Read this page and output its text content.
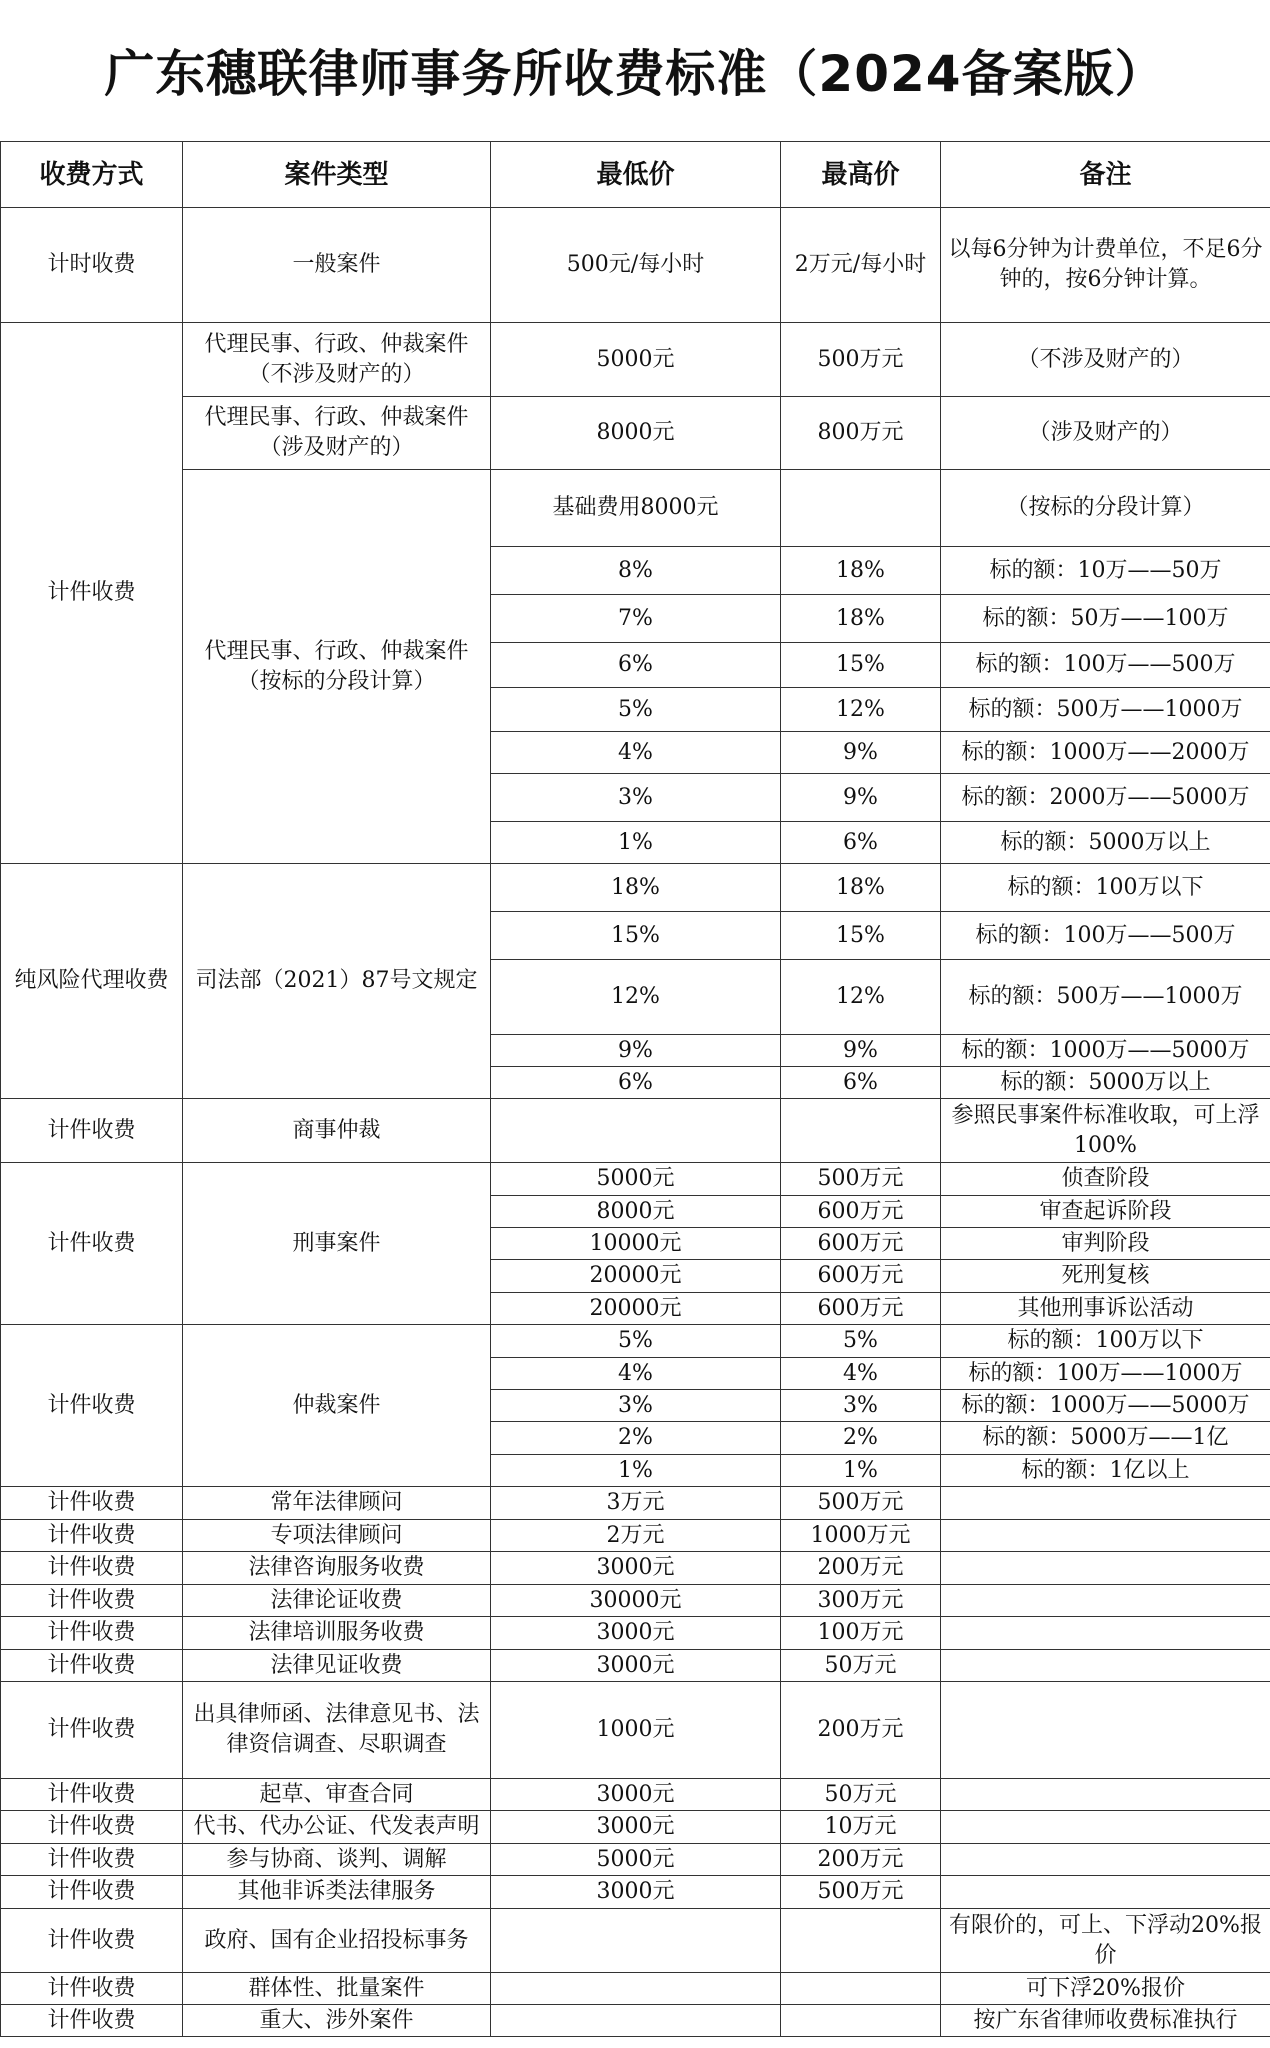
广东穗联律师事务所收费标准（2024备案版）
收费方式	案件类型	最低价	最高价	备注
计时收费	一般案件	500元/每小时	2万元/每小时	以每6分钟为计费单位，不足6分钟的，按6分钟计算。
计件收费	代理民事、行政、仲裁案件（不涉及财产的）	5000元	500万元	（不涉及财产的）
	代理民事、行政、仲裁案件（涉及财产的）	8000元	800万元	（涉及财产的）
	代理民事、行政、仲裁案件（按标的分段计算）	基础费用8000元		（按标的分段计算）
		8%	18%	标的额：10万——50万
		7%	18%	标的额：50万——100万
		6%	15%	标的额：100万——500万
		5%	12%	标的额：500万——1000万
		4%	9%	标的额：1000万——2000万
		3%	9%	标的额：2000万——5000万
		1%	6%	标的额：5000万以上
纯风险代理收费	司法部（2021）87号文规定	18%	18%	标的额：100万以下
		15%	15%	标的额：100万——500万
		12%	12%	标的额：500万——1000万
		9%	9%	标的额：1000万——5000万
		6%	6%	标的额：5000万以上
计件收费	商事仲裁			参照民事案件标准收取，可上浮100%
计件收费	刑事案件	5000元	500万元	侦查阶段
		8000元	600万元	审查起诉阶段
		10000元	600万元	审判阶段
		20000元	600万元	死刑复核
		20000元	600万元	其他刑事诉讼活动
计件收费	仲裁案件	5%	5%	标的额：100万以下
		4%	4%	标的额：100万——1000万
		3%	3%	标的额：1000万——5000万
		2%	2%	标的额：5000万——1亿
		1%	1%	标的额：1亿以上
计件收费	常年法律顾问	3万元	500万元	
计件收费	专项法律顾问	2万元	1000万元	
计件收费	法律咨询服务收费	3000元	200万元	
计件收费	法律论证收费	30000元	300万元	
计件收费	法律培训服务收费	3000元	100万元	
计件收费	法律见证收费	3000元	50万元	
计件收费	出具律师函、法律意见书、法律资信调查、尽职调查	1000元	200万元	
计件收费	起草、审查合同	3000元	50万元	
计件收费	代书、代办公证、代发表声明	3000元	10万元	
计件收费	参与协商、谈判、调解	5000元	200万元	
计件收费	其他非诉类法律服务	3000元	500万元	
计件收费	政府、国有企业招投标事务			有限价的，可上、下浮动20%报价
计件收费	群体性、批量案件			可下浮20%报价
计件收费	重大、涉外案件			按广东省律师收费标准执行
